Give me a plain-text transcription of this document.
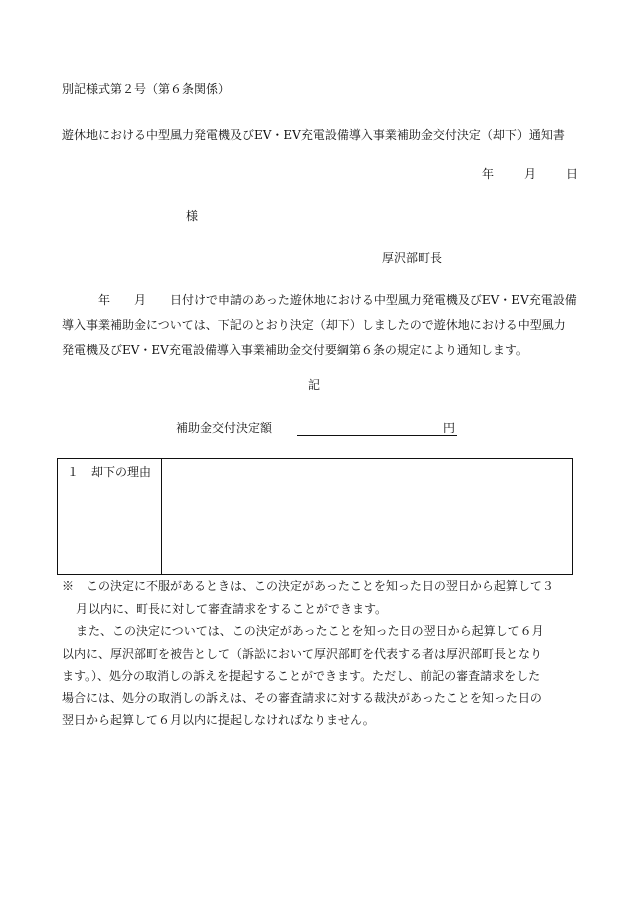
別記様式第２号（第６条関係）
遊休地における中型風力発電機及びEV・EV充電設備導入事業補助金交付決定（却下）通知書
年	月	日
様
厚沢部町長
年　　月　　日付けで申請のあった遊休地における中型風力発電機及びEV・EV充電設備
導入事業補助金については、下記のとおり決定（却下）しましたので遊休地における中型風力
発電機及びEV・EV充電設備導入事業補助金交付要綱第６条の規定により通知します。
記
補助金交付決定額	円
１　却下の理由
※　この決定に不服があるときは、この決定があったことを知った日の翌日から起算して３
月以内に、町長に対して審査請求をすることができます。
また、この決定については、この決定があったことを知った日の翌日から起算して６月
以内に、厚沢部町を被告として（訴訟において厚沢部町を代表する者は厚沢部町長となり
ます。）、処分の取消しの訴えを提起することができます。ただし、前記の審査請求をした
場合には、処分の取消しの訴えは、その審査請求に対する裁決があったことを知った日の
翌日から起算して６月以内に提起しなければなりません。
